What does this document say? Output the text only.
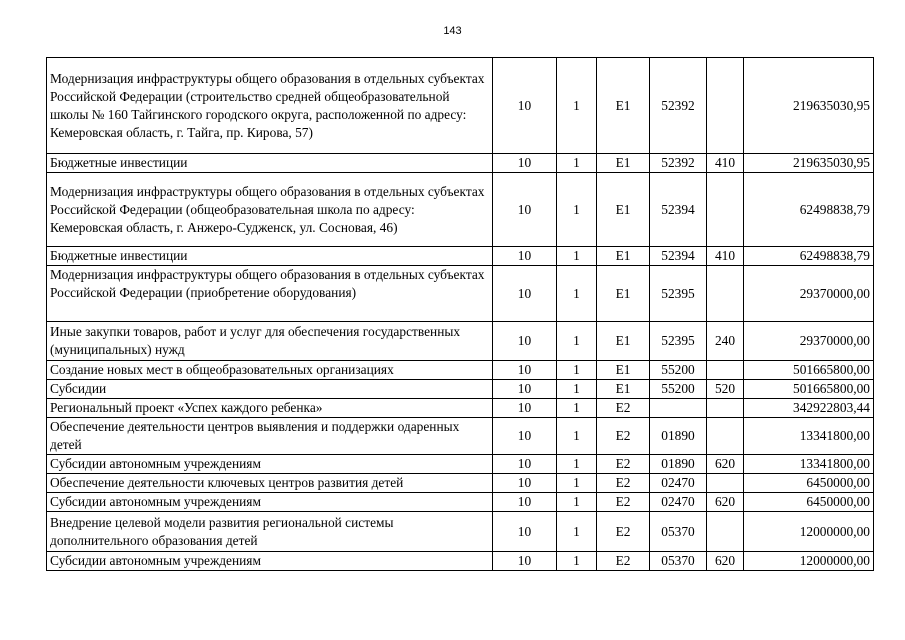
143
Модернизация инфраструктуры общего образования в отдельных субъектах Российской Федерации (строительство средней общеобразовательной школы № 160 Тайгинского городского округа, расположенной по адресу: Кемеровская область, г. Тайга, пр. Кирова, 57)	10	1	E1	52392		219635030,95
Бюджетные инвестиции	10	1	E1	52392	410	219635030,95
Модернизация инфраструктуры общего образования в отдельных субъектах Российской Федерации (общеобразовательная школа по адресу: Кемеровская область, г. Анжеро-Судженск, ул. Сосновая, 46)	10	1	E1	52394		62498838,79
Бюджетные инвестиции	10	1	E1	52394	410	62498838,79
Модернизация инфраструктуры общего образования в отдельных субъектах Российской Федерации (приобретение оборудования)	10	1	E1	52395		29370000,00
Иные закупки товаров, работ и услуг для обеспечения государственных (муниципальных) нужд	10	1	E1	52395	240	29370000,00
Создание новых мест в общеобразовательных организациях	10	1	E1	55200		501665800,00
Субсидии	10	1	E1	55200	520	501665800,00
Региональный проект «Успех каждого ребенка»	10	1	E2			342922803,44
Обеспечение деятельности центров выявления и поддержки одаренных детей	10	1	E2	01890		13341800,00
Субсидии автономным учреждениям	10	1	E2	01890	620	13341800,00
Обеспечение деятельности ключевых центров развития детей	10	1	E2	02470		6450000,00
Субсидии автономным учреждениям	10	1	E2	02470	620	6450000,00
Внедрение целевой модели развития региональной системы дополнительного образования детей	10	1	E2	05370		12000000,00
Субсидии автономным учреждениям	10	1	E2	05370	620	12000000,00
